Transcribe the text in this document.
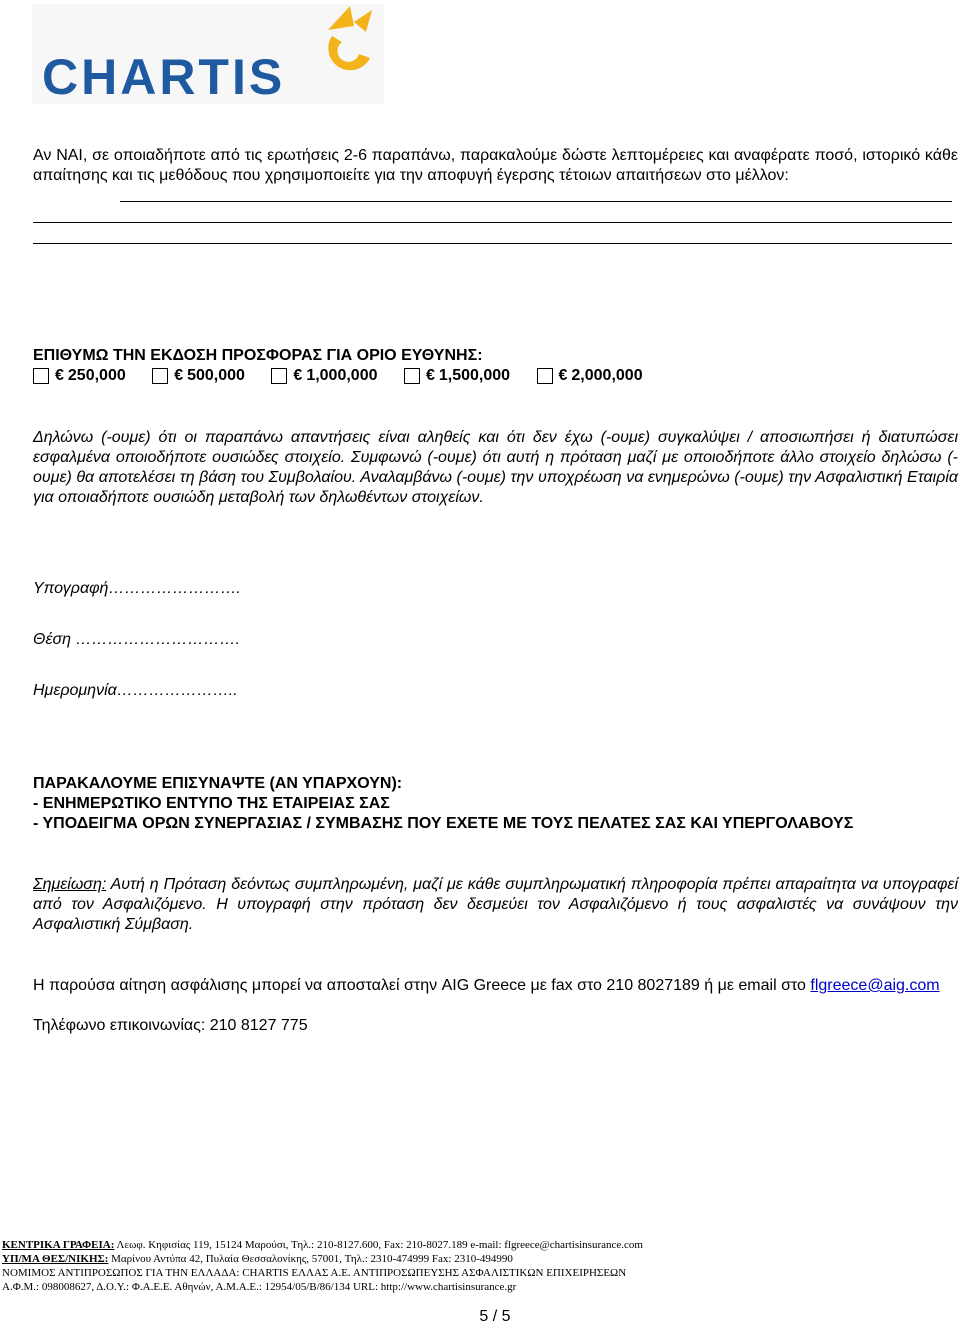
CHARTIS
Αν ΝΑΙ, σε οποιαδήποτε από τις ερωτήσεις 2-6 παραπάνω, παρακαλούμε δώστε λεπτομέρειες και αναφέρατε ποσό, ιστορικό κάθε απαίτησης και τις μεθόδους που χρησιμοποιείτε για την αποφυγή έγερσης τέτοιων απαιτήσεων στο μέλλον:
ΕΠΙΘΥΜΩ ΤΗΝ ΕΚΔΟΣΗ ΠΡΟΣΦΟΡΑΣ ΓΙΑ ΟΡΙΟ ΕΥΘΥΝΗΣ:
€ 250,000
	€ 500,000
	€ 1,000,000
	€ 1,500,000
	€ 2,000,000
Δηλώνω (-ουμε) ότι οι παραπάνω απαντήσεις είναι αληθείς και ότι δεν έχω (-ουμε) συγκαλύψει / αποσιωπήσει ή διατυπώσει εσφαλμένα οποιοδήποτε ουσιώδες στοιχείο. Συμφωνώ (-ουμε) ότι αυτή η πρόταση μαζί με οποιοδήποτε άλλο στοιχείο δηλώσω (-ουμε) θα αποτελέσει τη βάση του Συμβολαίου. Αναλαμβάνω (-ουμε) την υποχρέωση να ενημερώνω (-ουμε) την Ασφαλιστική Εταιρία για οποιαδήποτε ουσιώδη μεταβολή των δηλωθέντων στοιχείων.
Υπογραφή…………………….
Θέση ………………………….
Ημερομηνία…………………..
ΠΑΡΑΚΑΛΟΥΜΕ ΕΠΙΣΥΝΑΨΤΕ (ΑΝ ΥΠΑΡΧΟΥΝ):
- ΕΝΗΜΕΡΩΤΙΚΟ ΕΝΤΥΠΟ ΤΗΣ ΕΤΑΙΡΕΙΑΣ ΣΑΣ
- ΥΠΟΔΕΙΓΜΑ ΟΡΩΝ ΣΥΝΕΡΓΑΣΙΑΣ / ΣΥΜΒΑΣΗΣ ΠΟΥ ΕΧΕΤΕ ΜΕ ΤΟΥΣ ΠΕΛΑΤΕΣ ΣΑΣ ΚΑΙ ΥΠΕΡΓΟΛΑΒΟΥΣ
Σημείωση: Αυτή η Πρόταση δεόντως συμπληρωμένη, μαζί με κάθε συμπληρωματική πληροφορία πρέπει απαραίτητα να υπογραφεί από τον Ασφαλιζόμενο. Η υπογραφή στην πρόταση δεν δεσμεύει τον Ασφαλιζόμενο ή τους ασφαλιστές να συνάψουν την Ασφαλιστική Σύμβαση.
Η παρούσα αίτηση ασφάλισης μπορεί να αποσταλεί στην AIG Greece με fax στο 210 8027189 ή με email στο flgreece@aig.com
Τηλέφωνο επικοινωνίας: 210 8127 775
ΚΕΝΤΡΙΚΑ ΓΡΑΦΕΙΑ: Λεωφ. Κηφισίας 119, 15124 Μαρούσι, Τηλ.: 210-8127.600, Fax: 210-8027.189 e-mail: flgreece@chartisinsurance.com
ΥΠ/ΜΑ ΘΕΣ/ΝΙΚΗΣ: Μαρίνου Αντύπα 42, Πυλαία Θεσσαλονίκης, 57001, Τηλ.: 2310-474999 Fax: 2310-494990
ΝΟΜΙΜΟΣ ΑΝΤΙΠΡΟΣΩΠΟΣ ΓΙΑ ΤΗΝ ΕΛΛΑΔΑ: CHARTIS ΕΛΛΑΣ Α.Ε. ΑΝΤΙΠΡΟΣΩΠΕΥΣΗΣ ΑΣΦΑΛΙΣΤΙΚΩΝ ΕΠΙΧΕΙΡΗΣΕΩΝ
Α.Φ.Μ.: 098008627, Δ.Ο.Υ.: Φ.Α.Ε.Ε. Αθηνών, Α.Μ.Α.Ε.: 12954/05/Β/86/134 URL: http://www.chartisinsurance.gr
5 / 5
